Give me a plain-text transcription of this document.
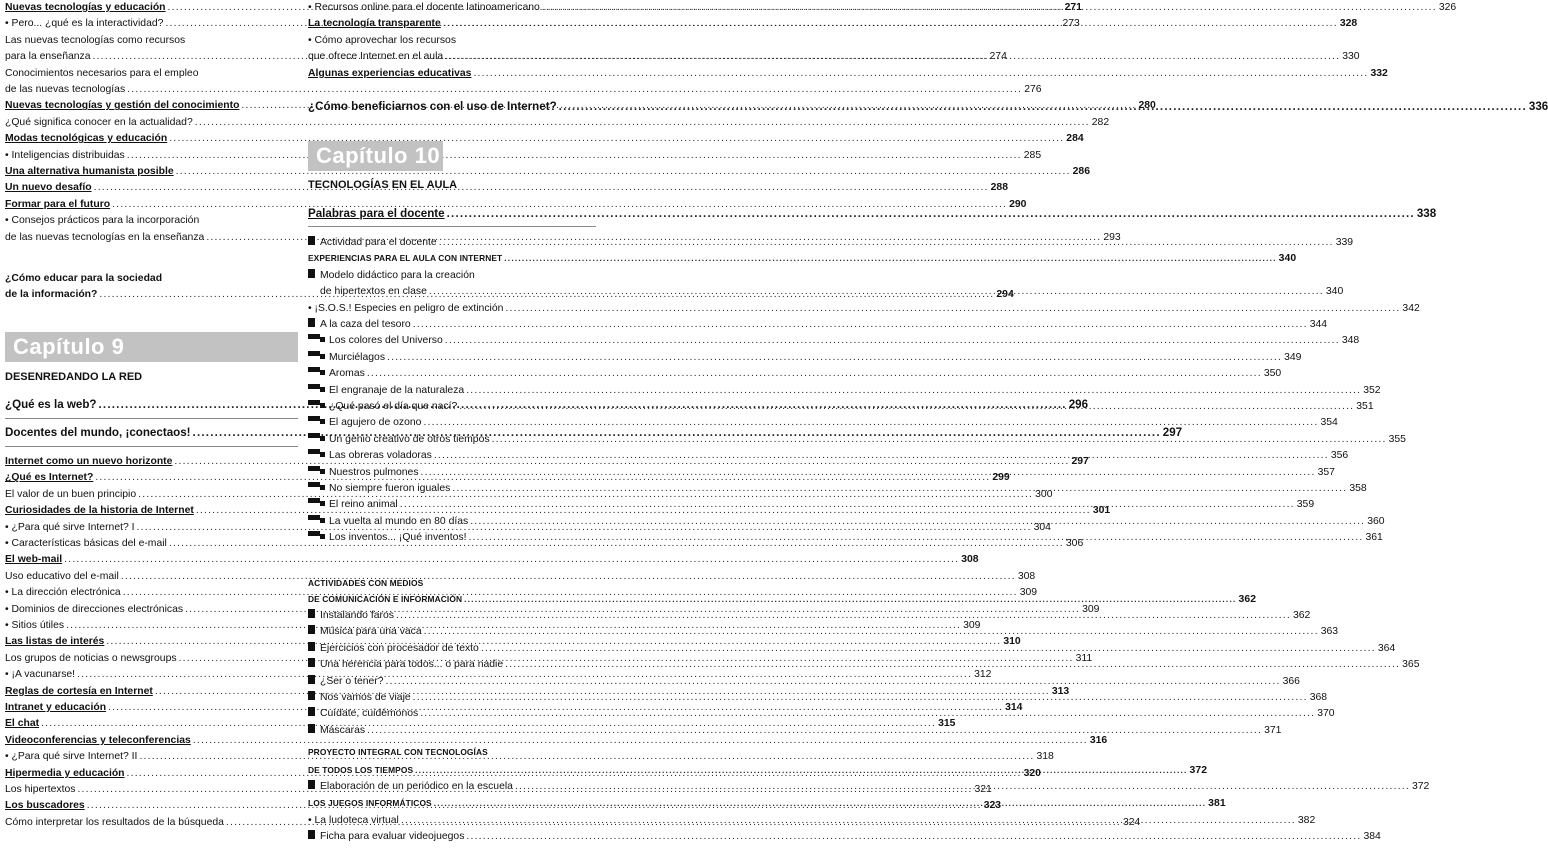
Nuevas tecnologías y educación .....	271
• Pero... ¿qué es la interactividad? .....	273
Las nuevas tecnologías como recursos
para la enseñanza .....	274
Conocimientos necesarios para el empleo
de las nuevas tecnologías .....	276
Nuevas tecnologías y gestión del conocimiento .....	280
¿Qué significa conocer en la actualidad? .....	282
Modas tecnológicas y educación .....	284
• Inteligencias distribuidas .....	285
Una alternativa humanista posible .....	286
Un nuevo desafío .....	288
Formar para el futuro .....	290
• Consejos prácticos para la incorporación
de las nuevas tecnologías en la enseñanza .....	293
¿Cómo educar para la sociedad
de la información? .....	294
Capítulo 9
DESENREDANDO LA RED
¿Qué es la web? .....	296
Docentes del mundo, ¡conectaos! .....	297
Internet como un nuevo horizonte .....	297
¿Qué es Internet? .....	299
El valor de un buen principio .....	300
Curiosidades de la historia de Internet .....	301
• ¿Para qué sirve Internet? I .....	304
• Características básicas del e-mail .....	306
El web-mail .....	308
Uso educativo del e-mail .....	308
• La dirección electrónica .....	309
• Dominios de direcciones electrónicas .....	309
• Sitios útiles .....	309
Las listas de interés .....	310
Los grupos de noticias o newsgroups .....	311
• ¡A vacunarse! .....	312
Reglas de cortesía en Internet .....	313
Intranet y educación .....	314
El chat .....	315
Videoconferencias y teleconferencias .....	316
• ¿Para qué sirve Internet? II .....	318
Hipermedia y educación .....	320
Los hipertextos .....	321
Los buscadores .....	323
Cómo interpretar los resultados de la búsqueda .....	324
• Recursos online para el docente latinoamericano .....	326
La tecnología transparente .....	328
• Cómo aprovechar los recursos
que ofrece Internet en el aula .....	330
Algunas experiencias educativas .....	332
¿Cómo beneficiarnos con el uso de Internet? .....	336
Capítulo 10
TECNOLOGÍAS EN EL AULA
Palabras para el docente .....	338
Actividad para el docente .....	339
EXPERIENCIAS PARA EL AULA CON INTERNET .....	340
Modelo didáctico para la creación
de hipertextos en clase .....	340
• ¡S.O.S.! Especies en peligro de extinción .....	342
A la caza del tesoro .....	344
Los colores del Universo .....	348
Murciélagos .....	349
Aromas .....	350
El engranaje de la naturaleza .....	352
¿Qué pasó el día que nací? .....	351
El agujero de ozono .....	354
Un genio creativo de otros tiempos .....	355
Las obreras voladoras .....	356
Nuestros pulmones .....	357
No siempre fueron iguales .....	358
El reino animal .....	359
La vuelta al mundo en 80 días .....	360
Los inventos... ¡Qué inventos! .....	361
ACTIVIDADES CON MEDIOS
DE COMUNICACIÓN E INFORMACIÓN .....	362
Instalando faros .....	362
Música para una vaca .....	363
Ejercicios con procesador de texto .....	364
Una herencia para todos... o para nadie .....	365
¿Ser o tener? .....	366
Nos vamos de viaje .....	368
Cuídate, cuidémonos .....	370
Máscaras .....	371
PROYECTO INTEGRAL CON TECNOLOGÍAS
DE TODOS LOS TIEMPOS .....	372
Elaboración de un periódico en la escuela .....	372
LOS JUEGOS INFORMÁTICOS .....	381
• La ludoteca virtual .....	382
Ficha para evaluar videojuegos .....	384
